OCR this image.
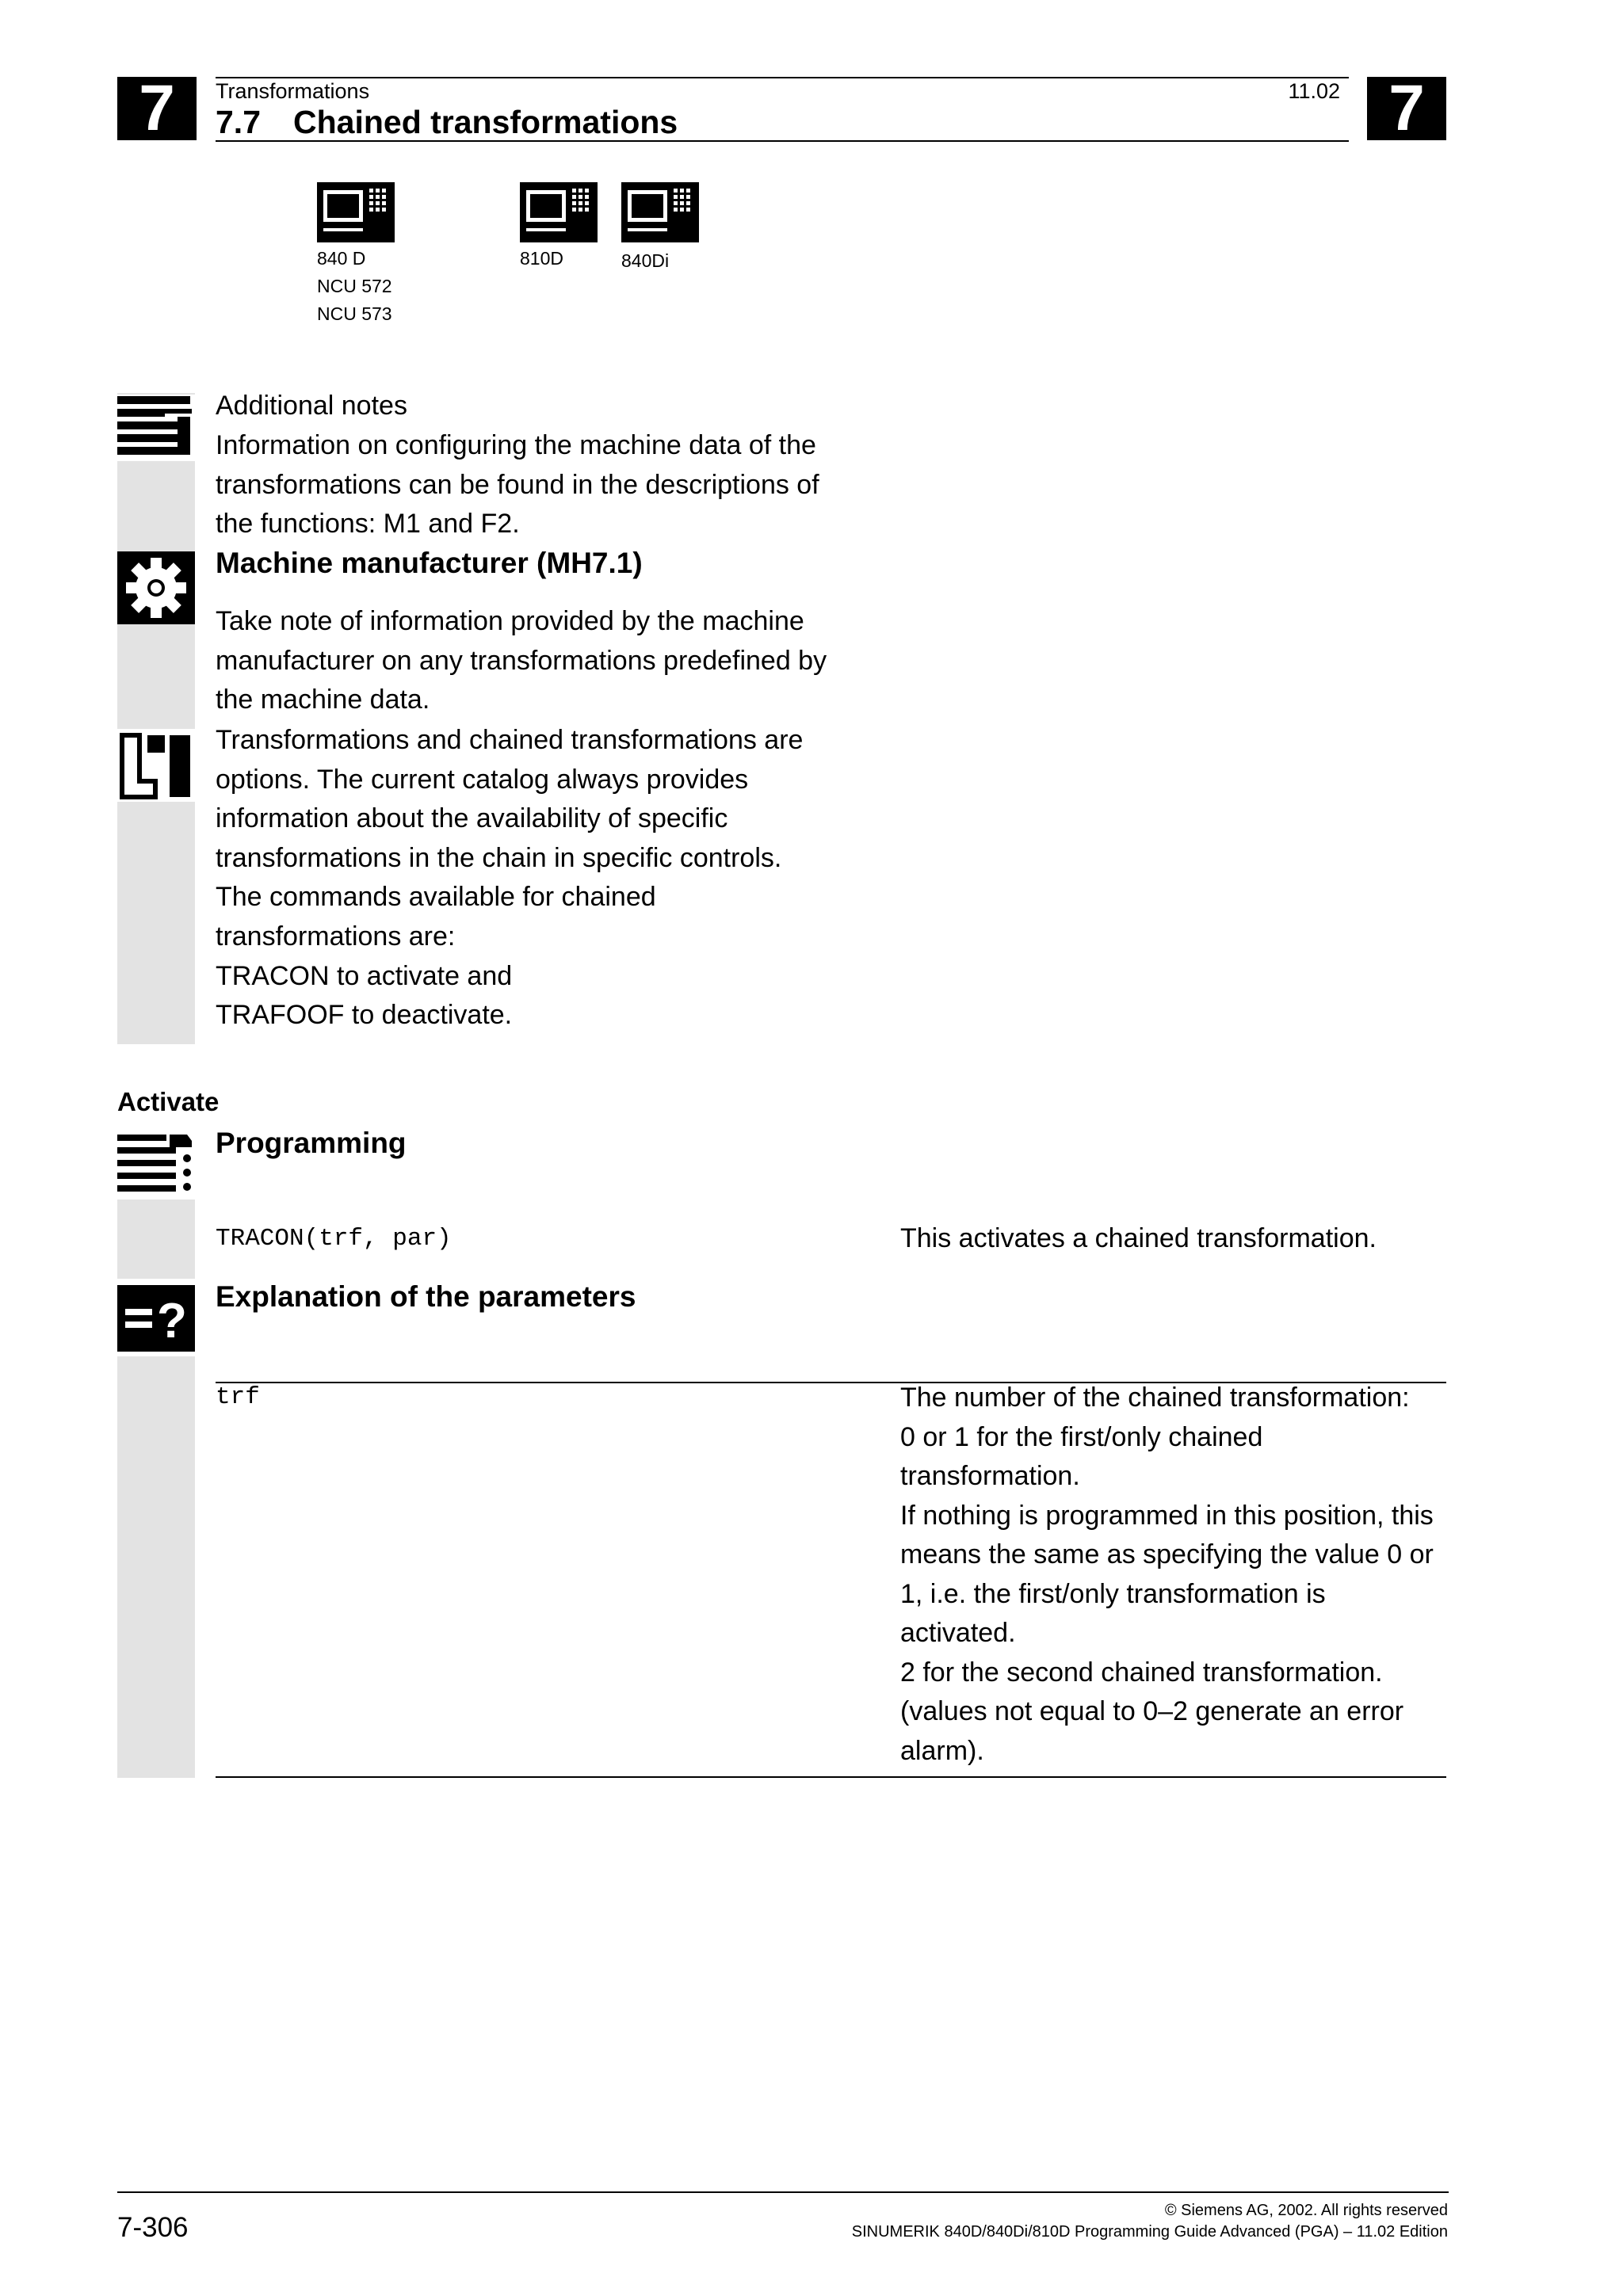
7	7
Transformations	11.02
7.7 Chained transformations
840 D
NCU 572
NCU 573
810D	840Di
Additional notes
Information on configuring the machine data of the transformations can be found in the descriptions of the functions: M1 and F2.
Machine manufacturer (MH7.1)
Take note of information provided by the machine manufacturer on any transformations predefined by the machine data.
Transformations and chained transformations are options. The current catalog always provides information about the availability of specific transformations in the chain in specific controls.
The commands available for chained
transformations are:
TRACON to activate and
TRAFOOF to deactivate.
Activate
Programming
TRACON(trf, par)	This activates a chained transformation.
? Explanation of the parameters
trf	The number of the chained transformation:
0 or 1 for the first/only chained
transformation.
If nothing is programmed in this position, this
means the same as specifying the value 0 or
1, i.e. the first/only transformation is
activated.
2 for the second chained transformation.
(values not equal to 0–2 generate an error
alarm).
7-306
© Siemens AG, 2002. All rights reserved
SINUMERIK 840D/840Di/810D Programming Guide Advanced (PGA) – 11.02 Edition
